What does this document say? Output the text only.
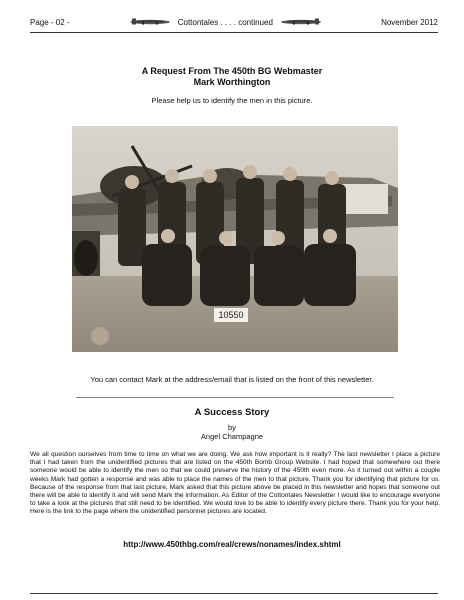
Page - 02 -	Cottontales . . . . continued	November 2012
A Request From The 450th BG Webmaster
Mark Worthington
Please help us to identify the men in this picture.
10550
You can contact Mark at the address/email that is listed on the front of this newsletter.
A Success Story
by
Angel Champagne
We all question ourselves from time to time on what we are doing. We ask how important is it really? The last newsletter I place a picture that I had taken from the unidentified pictures that are listed on the 450th Bomb Group Website. I had hoped that somewhere out there someone would be able to identify the men so that we could preserve the history of the 450th even more. As it turned out within a couple weeks Mark had gotten a response and was able to place the names of the men to that picture. Thank you for identifying that picture for us. Because of the response from that last picture, Mark asked that this picture above be placed in this newsletter and hopes that someone out there will be able to identify it and will send Mark the information. As Editor of the Cottontales Newsletter I would like to encourage everyone to take a look at the pictures that still need to be identified. We would love to be able to identify every picture there. Thank you for your help. Here is the link to the page where the unidentified personnel pictures are located.
http://www.450thbg.com/real/crews/nonames/index.shtml
